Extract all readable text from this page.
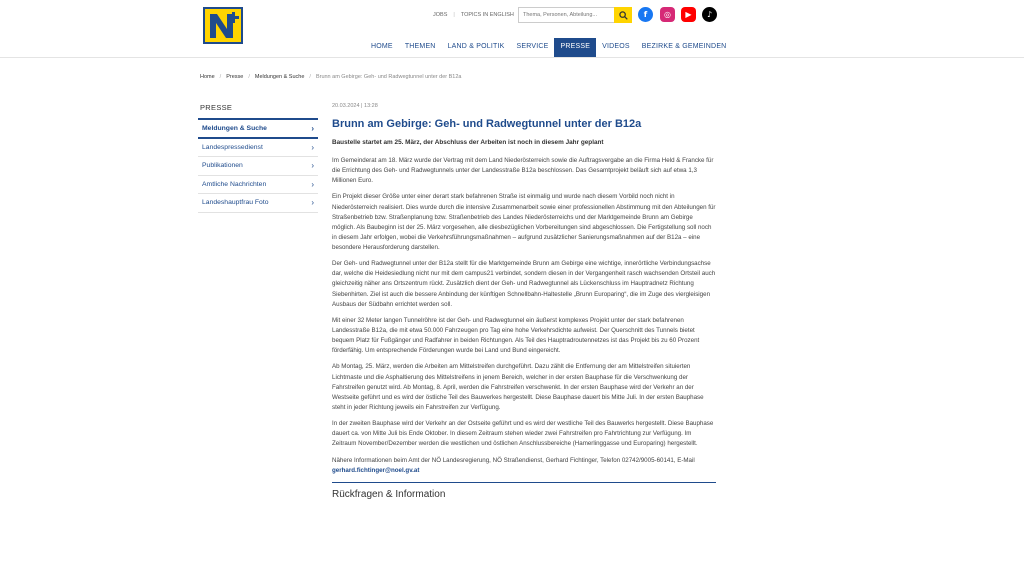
JOBS | TOPICS IN ENGLISH
Thema, Personen, Abteilung...	f ◎ ▶ ♪
HOME	THEMEN	LAND & POLITIK	SERVICE	PRESSE	VIDEOS	BEZIRKE & GEMEINDEN
Home / Presse / Meldungen & Suche / Brunn am Gebirge: Geh- und Radwegtunnel unter der B12a
PRESSE
Meldungen & Suche	›
Landespressedienst	›
Publikationen	›
Amtliche Nachrichten	›
Landeshauptfrau Foto	›
20.03.2024 | 13:28
Brunn am Gebirge: Geh- und Radwegtunnel unter der B12a
Baustelle startet am 25. März, der Abschluss der Arbeiten ist noch in diesem Jahr geplant

Im Gemeinderat am 18. März wurde der Vertrag mit dem Land Niederösterreich sowie die Auftragsvergabe an die Firma Held & Francke für die Errichtung des Geh- und Radwegtunnels unter der Landesstraße B12a beschlossen. Das Gesamtprojekt beläuft sich auf etwa 1,3 Millionen Euro.

Ein Projekt dieser Größe unter einer derart stark befahrenen Straße ist einmalig und wurde nach diesem Vorbild noch nicht in Niederösterreich realisiert. Dies wurde durch die intensive Zusammenarbeit sowie einer professionellen Abstimmung mit den Abteilungen für Straßenbetrieb bzw. Straßenplanung bzw. Straßenbetrieb des Landes Niederösterreichs und der Marktgemeinde Brunn am Gebirge möglich. Als Baubeginn ist der 25. März vorgesehen, alle diesbezüglichen Vorbereitungen sind abgeschlossen. Die Fertigstellung soll noch in diesem Jahr erfolgen, wobei die Verkehrsführungsmaßnahmen – aufgrund zusätzlicher Sanierungsmaßnahmen auf der B12a – eine besondere Herausforderung darstellen.

Der Geh- und Radwegtunnel unter der B12a stellt für die Marktgemeinde Brunn am Gebirge eine wichtige, innerörtliche Verbindungsachse dar, welche die Heidesiedlung nicht nur mit dem campus21 verbindet, sondern diesen in der Vergangenheit rasch wachsenden Ortsteil auch gleichzeitig näher ans Ortszentrum rückt. Zusätzlich dient der Geh- und Radwegtunnel als Lückenschluss im Hauptradnetz Richtung Siebenhirten. Ziel ist auch die bessere Anbindung der künftigen Schnellbahn-Haltestelle „Brunn Europaring“, die im Zuge des viergleisigen Ausbaus der Südbahn errichtet werden soll.

Mit einer 32 Meter langen Tunnelröhre ist der Geh- und Radwegtunnel ein äußerst komplexes Projekt unter der stark befahrenen Landesstraße B12a, die mit etwa 50.000 Fahrzeugen pro Tag eine hohe Verkehrsdichte aufweist. Der Querschnitt des Tunnels bietet bequem Platz für Fußgänger und Radfahrer in beiden Richtungen. Als Teil des Hauptradroutennetzes ist das Projekt bis zu 60 Prozent förderfähig. Um entsprechende Förderungen wurde bei Land und Bund eingereicht.

Ab Montag, 25. März, werden die Arbeiten am Mittelstreifen durchgeführt. Dazu zählt die Entfernung der am Mittelstreifen situierten Lichtmaste und die Asphaltierung des Mittelstreifens in jenem Bereich, welcher in der ersten Bauphase für die Verschwenkung der Fahrstreifen genutzt wird. Ab Montag, 8. April, werden die Fahrstreifen verschwenkt. In der ersten Bauphase wird der Verkehr an der Westseite geführt und es wird der östliche Teil des Bauwerkes hergestellt. Diese Bauphase dauert bis Mitte Juli. In der ersten Bauphase steht in jeder Richtung jeweils ein Fahrstreifen zur Verfügung.

In der zweiten Bauphase wird der Verkehr an der Ostseite geführt und es wird der westliche Teil des Bauwerks hergestellt. Diese Bauphase dauert ca. von Mitte Juli bis Ende Oktober. In diesem Zeitraum stehen wieder zwei Fahrstreifen pro Fahrtrichtung zur Verfügung. Im Zeitraum November/Dezember werden die westlichen und östlichen Anschlussbereiche (Hamerlinggasse und Europaring) hergestellt.

Nähere Informationen beim Amt der NÖ Landesregierung, NÖ Straßendienst, Gerhard Fichtinger, Telefon 02742/9005-60141, E-Mail gerhard.fichtinger@noel.gv.at

Rückfragen & Information
